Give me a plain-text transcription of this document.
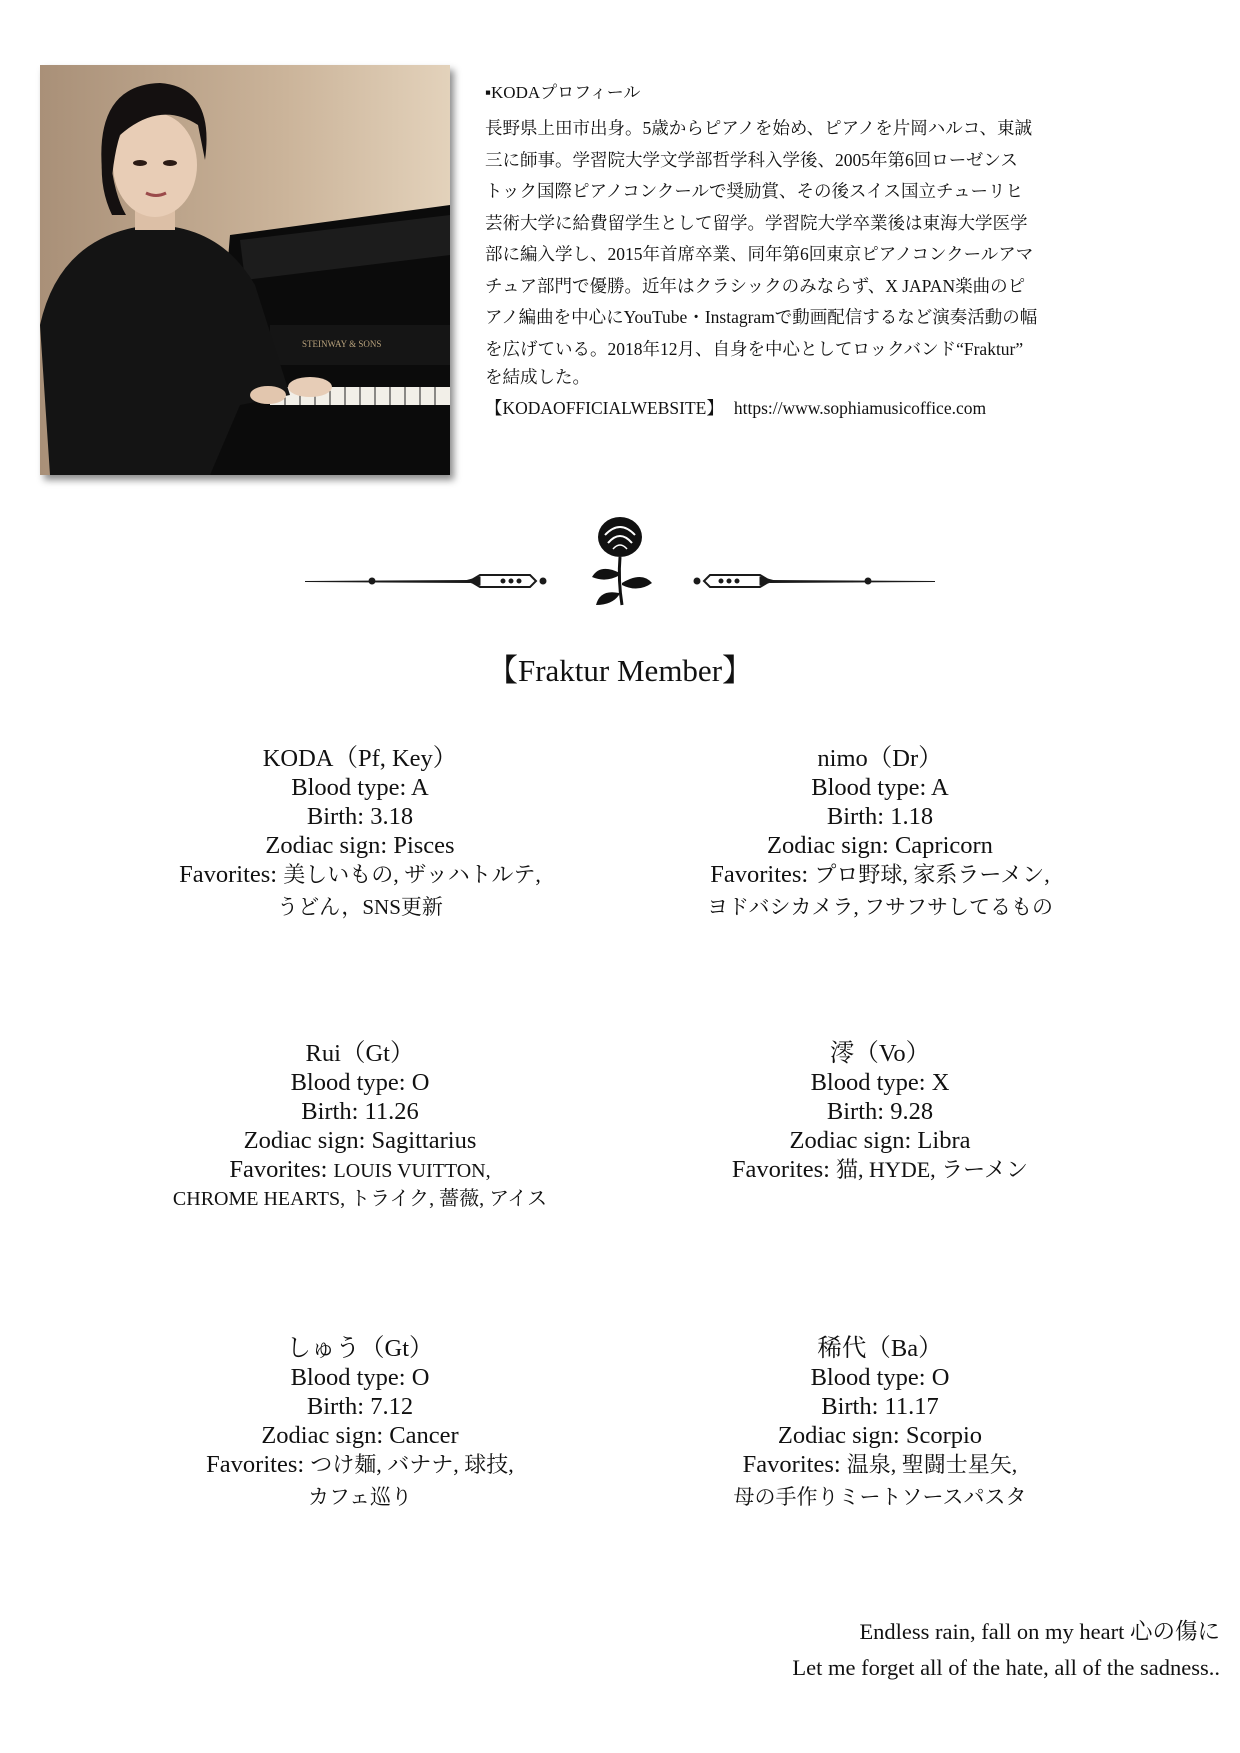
STEINWAY & SONS
▪KODAプロフィール
長野県上田市出身。5歳からピアノを始め、ピアノを片岡ハルコ、東誠
三に師事。学習院大学文学部哲学科入学後、2005年第6回ローゼンス
トック国際ピアノコンクールで奨励賞、その後スイス国立チューリヒ
芸術大学に給費留学生として留学。学習院大学卒業後は東海大学医学
部に編入学し、2015年首席卒業、同年第6回東京ピアノコンクールアマ
チュア部門で優勝。近年はクラシックのみならず、X JAPAN楽曲のピ
アノ編曲を中心にYouTube・Instagramで動画配信するなど演奏活動の幅
を広げている。2018年12月、自身を中心としてロックバンド“Fraktur”
を結成した。
【KODAOFFICIALWEBSITE】 https://www.sophiamusicoffice.com
【Fraktur Member】
KODA（Pf, Key）
Blood type: A
Birth: 3.18
Zodiac sign: Pisces
Favorites: 美しいもの, ザッハトルテ,
うどん，SNS更新
nimo（Dr）
Blood type: A
Birth: 1.18
Zodiac sign: Capricorn
Favorites: プロ野球, 家系ラーメン,
ヨドバシカメラ, フサフサしてるもの
Rui（Gt）
Blood type: O
Birth: 11.26
Zodiac sign: Sagittarius
Favorites: LOUIS VUITTON,
CHROME HEARTS, トライク, 薔薇, アイス
澪（Vo）
Blood type: X
Birth: 9.28
Zodiac sign: Libra
Favorites: 猫, HYDE, ラーメン
しゅう（Gt）
Blood type: O
Birth: 7.12
Zodiac sign: Cancer
Favorites: つけ麺, バナナ, 球技,
カフェ巡り
稀代（Ba）
Blood type: O
Birth: 11.17
Zodiac sign: Scorpio
Favorites: 温泉, 聖闘士星矢,
母の手作りミートソースパスタ
Endless rain, fall on my heart 心の傷に
Let me forget all of the hate, all of the sadness..
